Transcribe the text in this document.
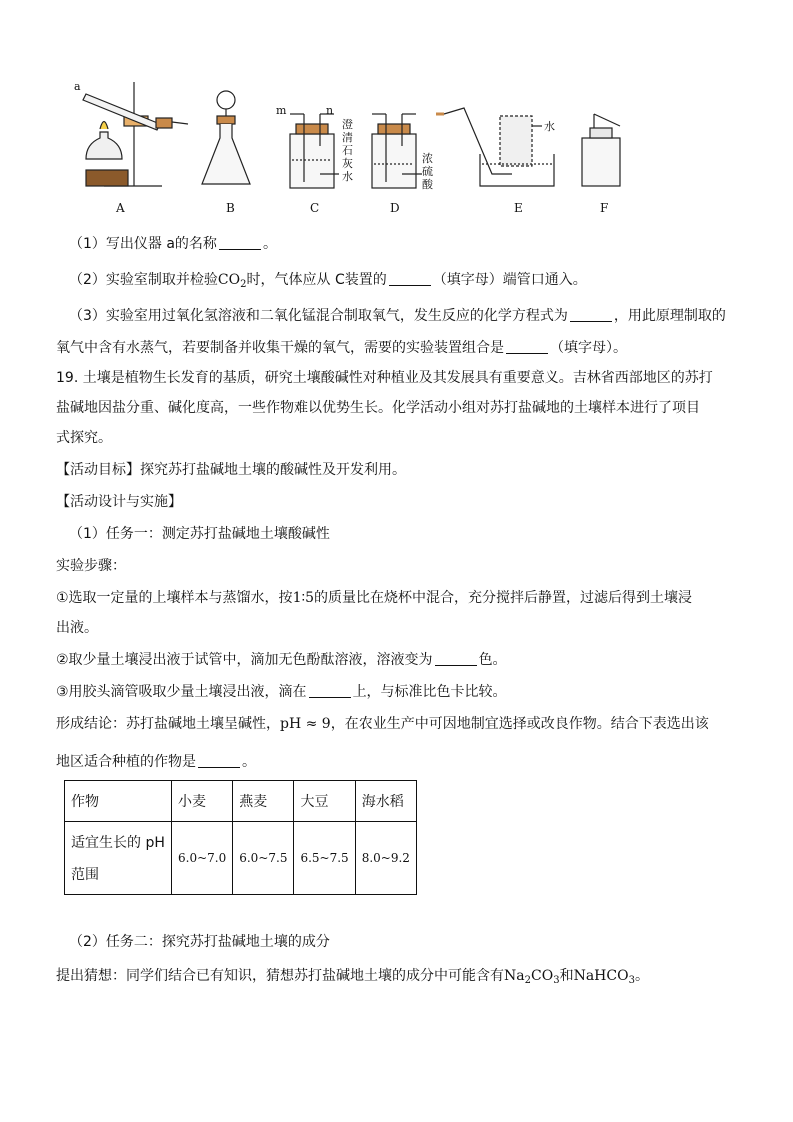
A	B	C	D	E	F
a
m	n
澄
清
石
灰
水
浓
硫
酸
水
（1）写出仪器 a的名称	。
（2）实验室制取并检验$CO_2$时，气体应从 C装置的	（填字母）端管口通入。
（3）实验室用过氧化氢溶液和二氧化锰混合制取氧气，发生反应的化学方程式为	，用此原理制取的
氧气中含有水蒸气，若要制备并收集干燥的氧气，需要的实验装置组合是	（填字母）。
19. 土壤是植物生长发育的基质，研究土壤酸碱性对种植业及其发展具有重要意义。吉林省西部地区的苏打
盐碱地因盐分重、碱化度高，一些作物难以优势生长。化学活动小组对苏打盐碱地的土壤样本进行了项目
式探究。
【活动目标】探究苏打盐碱地土壤的酸碱性及开发利用。
【活动设计与实施】
（1）任务一：测定苏打盐碱地土壤酸碱性
实验步骤：
①选取一定量的上壤样本与蒸馏水，按1∶5的质量比在烧杯中混合，充分搅拌后静置，过滤后得到土壤浸
出液。
②取少量土壤浸出液于试管中，滴加无色酚酞溶液，溶液变为	色。
③用胶头滴管吸取少量土壤浸出液，滴在	上，与标准比色卡比较。
形成结论：苏打盐碱地土壤呈碱性，pH ≈ 9，在农业生产中可因地制宜选择或改良作物。结合下表选出该
地区适合种植的作物是	。
作物	小麦	燕麦	大豆	海水稻

适宜生长的 pH
范围	6.0~7.0	6.0~7.5	6.5~7.5	8.0~9.2
（2）任务二：探究苏打盐碱地土壤的成分
提出猜想：同学们结合已有知识，猜想苏打盐碱地土壤的成分中可能含有$Na_2CO_3$和NaHCO$_3$。
